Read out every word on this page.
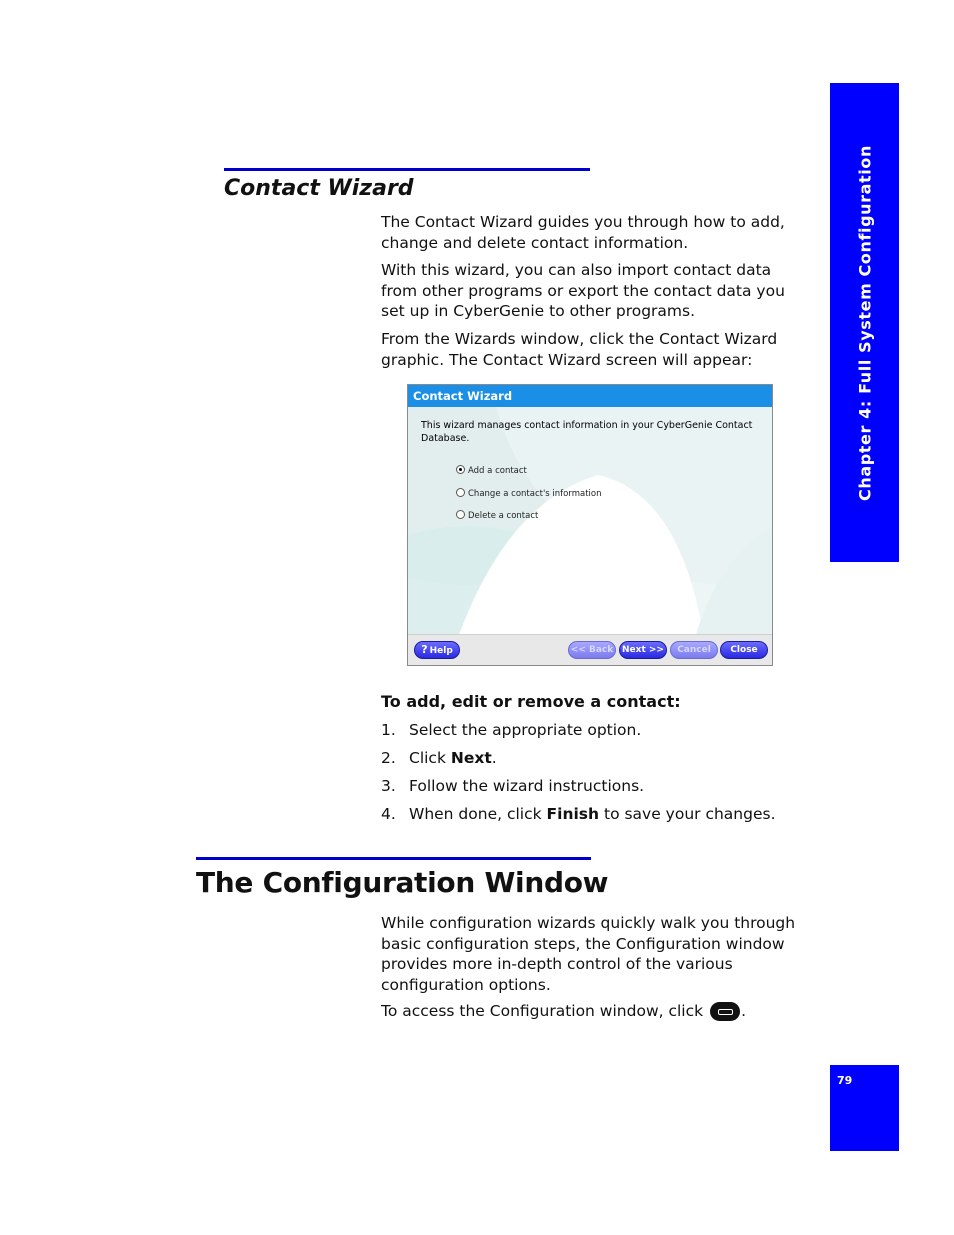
Chapter 4: Full System Configuration
Contact Wizard

The Contact Wizard guides you through how to add, change and delete contact information.

With this wizard, you can also import contact data from other programs or export the contact data you set up in CyberGenie to other programs.

From the Wizards window, click the Contact Wizard graphic. The Contact Wizard screen will appear:

Contact Wizard
This wizard manages contact information in your CyberGenie Contact Database.
Add a contact
Change a contact's information
Delete a contact
? Help	<< Back Next >>	Cancel	Close
To add, edit or remove a contact:
1. Select the appropriate option.
2. Click Next.
3. Follow the wizard instructions.
4. When done, click Finish to save your changes.
The Configuration Window

While configuration wizards quickly walk you through basic configuration steps, the Configuration window provides more in-depth control of the various configuration options.

To access the Configuration window, click .

79
